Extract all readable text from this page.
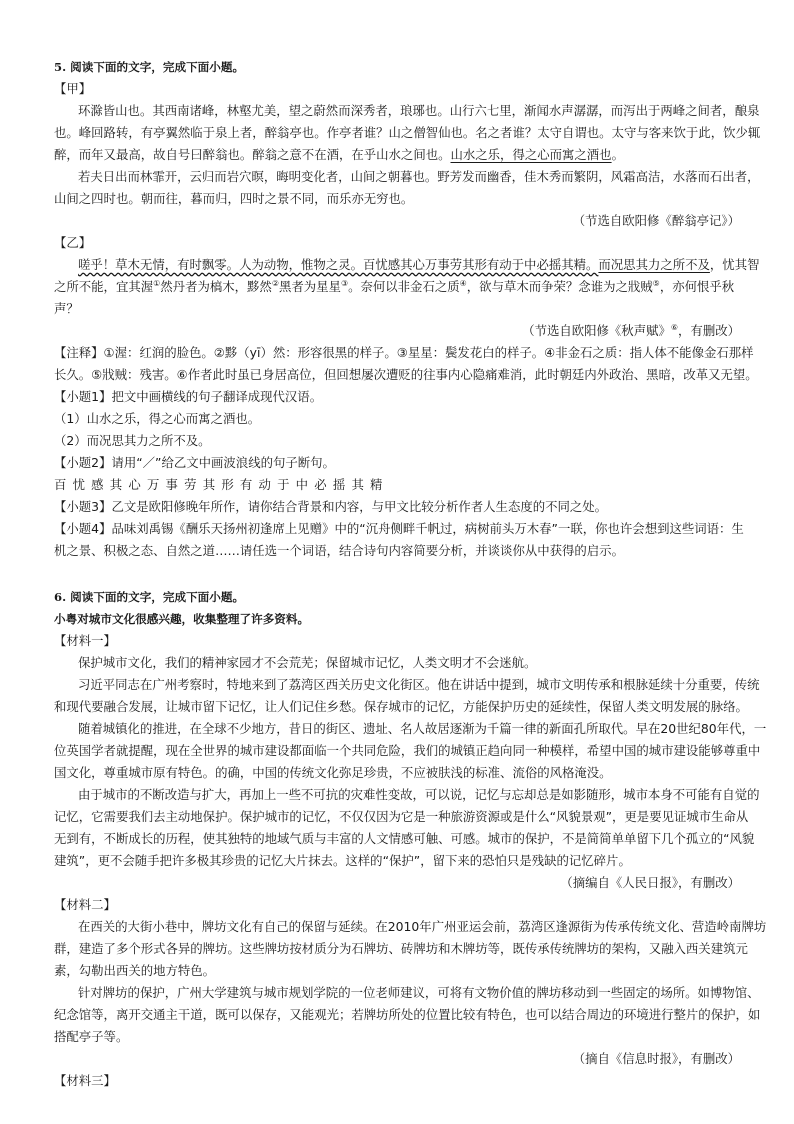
5. 阅读下面的文字，完成下面小题。

【甲】

环滁皆山也。其西南诸峰，林壑尤美，望之蔚然而深秀者，琅琊也。山行六七里，渐闻水声潺潺，而泻出于两峰之间者，酿泉

也。峰回路转，有亭翼然临于泉上者，醉翁亭也。作亭者谁？山之僧智仙也。名之者谁？太守自谓也。太守与客来饮于此，饮少辄

醉，而年又最高，故自号曰醉翁也。醉翁之意不在酒，在乎山水之间也。山水之乐，得之心而寓之酒也。

若夫日出而林霏开，云归而岩穴暝，晦明变化者，山间之朝暮也。野芳发而幽香，佳木秀而繁阴，风霜高洁，水落而石出者，

山间之四时也。朝而往，暮而归，四时之景不同，而乐亦无穷也。

（节选自欧阳修《醉翁亭记》）

【乙】

嗟乎！草木无情，有时飘零。人为动物，惟物之灵。百忧感其心万事劳其形有动于中必摇其精。而况思其力之所不及，忧其智

之所不能，宜其渥①然丹者为槁木，黟然②黑者为星星③。奈何以非金石之质④，欲与草木而争荣？念谁为之戕贼⑤，亦何恨乎秋

声？

（节选自欧阳修《秋声赋》⑥，有删改）

【注释】①渥：红润的脸色。②黟（yī）然：形容很黑的样子。③星星：鬓发花白的样子。④非金石之质：指人体不能像金石那样

长久。⑤戕贼：残害。⑥作者此时虽已身居高位，但回想屡次遭贬的往事内心隐痛难消，此时朝廷内外政治、黑暗，改革又无望。

【小题1】把文中画横线的句子翻译成现代汉语。

（1）山水之乐，得之心而寓之酒也。

（2）而况思其力之所不及。

【小题2】请用“／”给乙文中画波浪线的句子断句。

百忧感其心万事劳其形有动于中必摇其精

【小题3】乙文是欧阳修晚年所作，请你结合背景和内容，与甲文比较分析作者人生态度的不同之处。

【小题4】品味刘禹锡《酬乐天扬州初逢席上见赠》中的“沉舟侧畔千帆过，病树前头万木春”一联，你也许会想到这些词语：生

机之景、积极之态、自然之道……请任选一个词语，结合诗句内容简要分析，并谈谈你从中获得的启示。

6. 阅读下面的文字，完成下面小题。

小粤对城市文化很感兴趣，收集整理了许多资料。

【材料一】

保护城市文化，我们的精神家园才不会荒芜；保留城市记忆，人类文明才不会迷航。

习近平同志在广州考察时，特地来到了荔湾区西关历史文化街区。他在讲话中提到，城市文明传承和根脉延续十分重要，传统

和现代要融合发展，让城市留下记忆，让人们记住乡愁。保存城市的记忆，方能保护历史的延续性，保留人类文明发展的脉络。

随着城镇化的推进，在全球不少地方，昔日的街区、遗址、名人故居逐渐为千篇一律的新面孔所取代。早在20世纪80年代，一

位英国学者就提醒，现在全世界的城市建设都面临一个共同危险，我们的城镇正趋向同一种模样，希望中国的城市建设能够尊重中

国文化，尊重城市原有特色。的确，中国的传统文化弥足珍贵，不应被肤浅的标准、流俗的风格淹没。

由于城市的不断改造与扩大，再加上一些不可抗的灾难性变故，可以说，记忆与忘却总是如影随形，城市本身不可能有自觉的

记忆，它需要我们去主动地保护。保护城市的记忆，不仅仅因为它是一种旅游资源或是什么“风貌景观”，更是要见证城市生命从

无到有，不断成长的历程，使其独特的地域气质与丰富的人文情感可触、可感。城市的保护，不是简简单单留下几个孤立的“风貌

建筑”，更不会随手把许多极其珍贵的记忆大片抹去。这样的“保护”，留下来的恐怕只是残缺的记忆碎片。

（摘编自《人民日报》，有删改）

【材料二】

在西关的大街小巷中，牌坊文化有自己的保留与延续。在2010年广州亚运会前，荔湾区逢源街为传承传统文化、营造岭南牌坊

群，建造了多个形式各异的牌坊。这些牌坊按材质分为石牌坊、砖牌坊和木牌坊等，既传承传统牌坊的架构，又融入西关建筑元

素，勾勒出西关的地方特色。

针对牌坊的保护，广州大学建筑与城市规划学院的一位老师建议，可将有文物价值的牌坊移动到一些固定的场所。如博物馆、

纪念馆等，离开交通主干道，既可以保存，又能观光；若牌坊所处的位置比较有特色，也可以结合周边的环境进行整片的保护，如

搭配亭子等。

（摘自《信息时报》，有删改）

【材料三】
